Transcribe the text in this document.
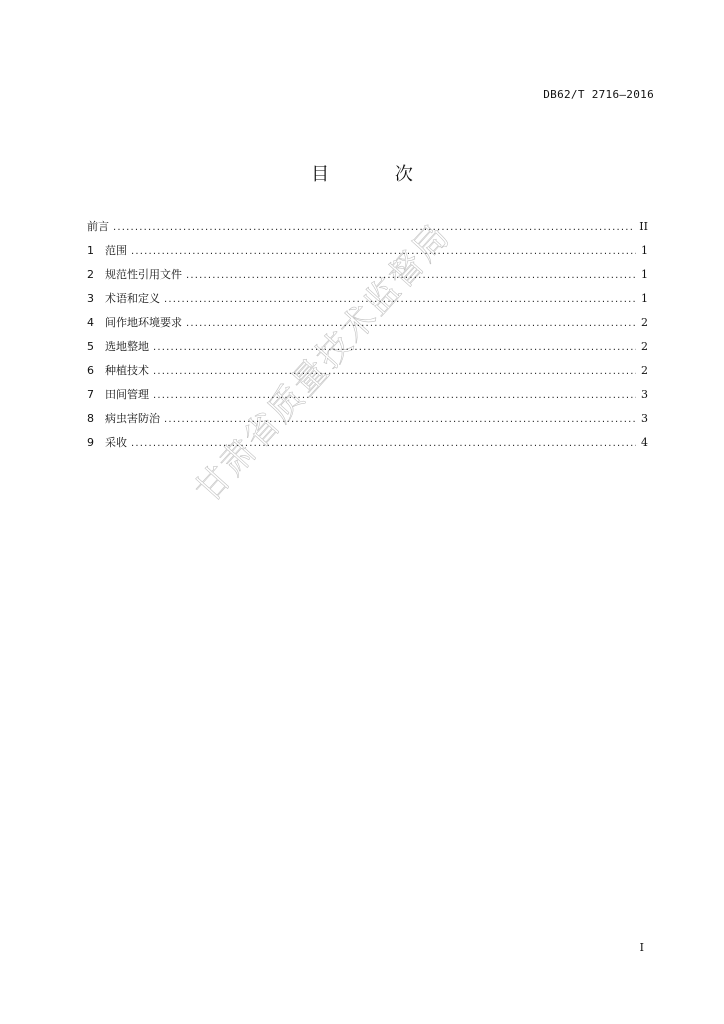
DB62/T 2716—2016
目 次
前言 .....	II
1	范围 .....	1
2	规范性引用文件 .....	1
3	术语和定义 .....	1
4	间作地环境要求 .....	2
5	选地整地 .....	2
6	种植技术 .....	2
7	田间管理 .....	3
8	病虫害防治 .....	3
9	采收 .....	4
甘肃省质量技术监督局
I
